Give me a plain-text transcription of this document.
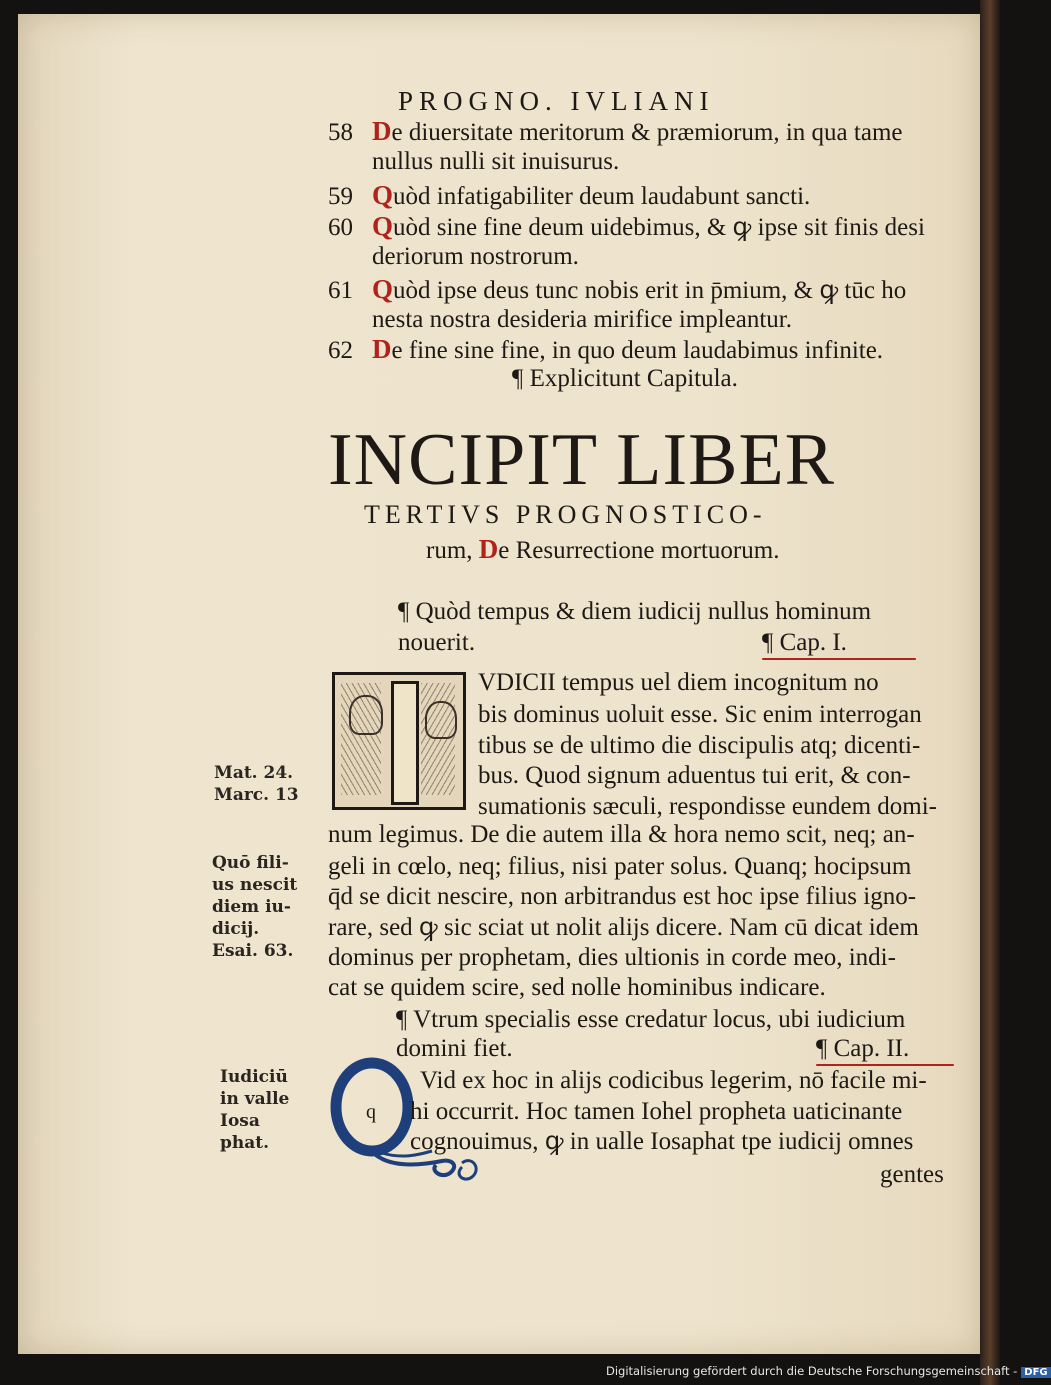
PROGNO. IVLIANI
58 De diuersitate meritorum & præmiorum, in qua tame
nullus nulli sit inuisurus.
59 Quòd infatigabiliter deum laudabunt sancti.
60 Quòd sine fine deum uidebimus, & ꝙ ipse sit finis desi
deriorum nostrorum.
61 Quòd ipse deus tunc nobis erit in p̄mium, & ꝙ tūc ho
nesta nostra desideria mirifice impleantur.
62 De fine sine fine, in quo deum laudabimus infinite.
¶ Explicitunt Capitula.
INCIPIT LIBER
TERTIVS PROGNOSTICO-
rum, De Resurrectione mortuorum.
¶ Quòd tempus & diem iudicij nullus hominum
nouerit.	¶ Cap. I.
VDICII tempus uel diem incognitum no
bis dominus uoluit esse. Sic enim interrogan
tibus se de ultimo die discipulis atq; dicenti-
bus. Quod signum aduentus tui erit, & con-
sumationis sæculi, respondisse eundem domi-
num legimus. De die autem illa & hora nemo scit, neq; an-
geli in cœlo, neq; filius, nisi pater solus. Quanq; hocipsum
q̄d se dicit nescire, non arbitrandus est hoc ipse filius igno-
rare, sed ꝙ sic sciat ut nolit alijs dicere. Nam cū dicat idem
dominus per prophetam, dies ultionis in corde meo, indi-
cat se quidem scire, sed nolle hominibus indicare.
¶ Vtrum specialis esse credatur locus, ubi iudicium
domini fiet.	¶ Cap. II.
q
Vid ex hoc in alijs codicibus legerim, nō facile mi-
hi occurrit. Hoc tamen Iohel propheta uaticinante
cognouimus, ꝙ in ualle Iosaphat tpe iudicij omnes
gentes
Mat. 24.
Marc. 13
Quō fili-
us nescit
diem iu-
dicij.
Esai. 63.
Iudiciū
in valle
Iosa
phat.
Digitalisierung gefördert durch die Deutsche Forschungsgemeinschaft - DFG
